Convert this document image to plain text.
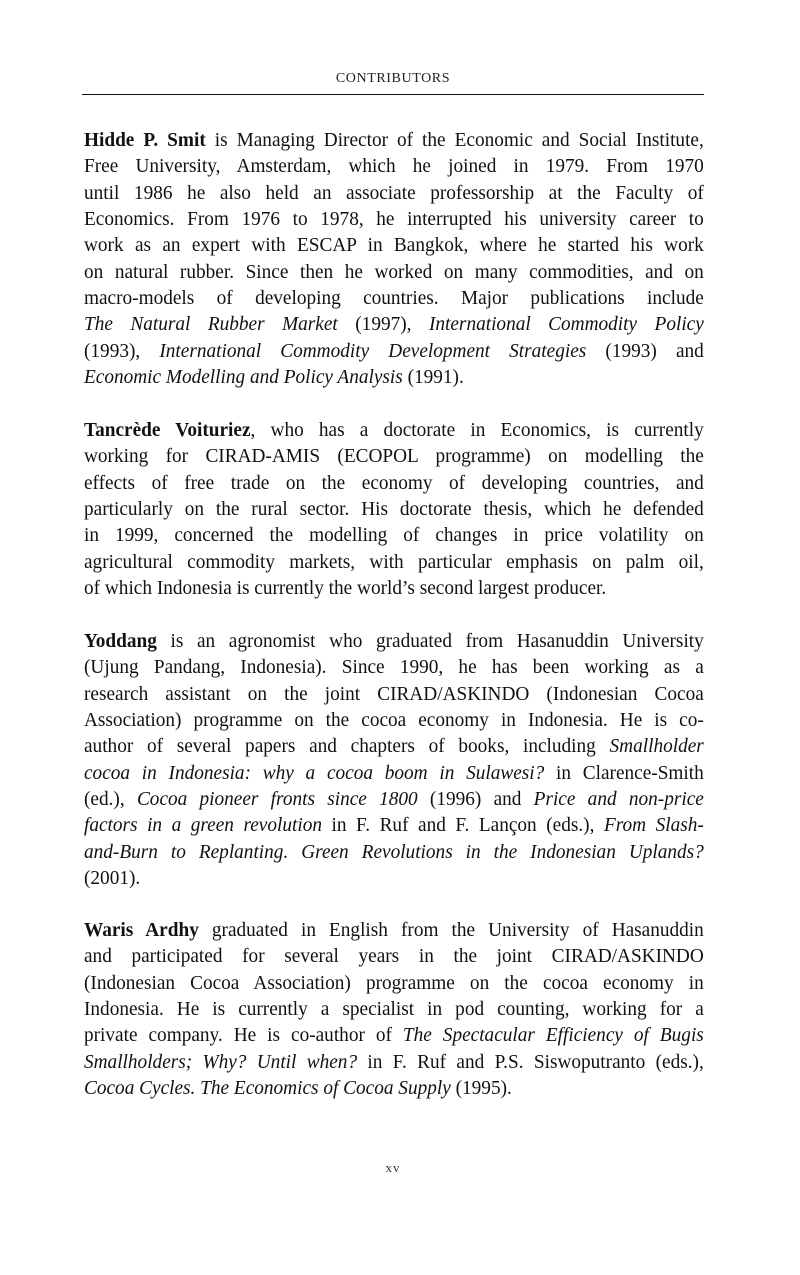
CONTRIBUTORS
Hidde P. Smit is Managing Director of the Economic and Social Institute,
Free University, Amsterdam, which he joined in 1979. From 1970
until 1986 he also held an associate professorship at the Faculty of
Economics. From 1976 to 1978, he interrupted his university career to
work as an expert with ESCAP in Bangkok, where he started his work
on natural rubber. Since then he worked on many commodities, and on
macro-models of developing countries. Major publications include
The Natural Rubber Market (1997), International Commodity Policy
(1993), International Commodity Development Strategies (1993) and
Economic Modelling and Policy Analysis (1991).
Tancrède Voituriez, who has a doctorate in Economics, is currently
working for CIRAD-AMIS (ECOPOL programme) on modelling the
effects of free trade on the economy of developing countries, and
particularly on the rural sector. His doctorate thesis, which he defended
in 1999, concerned the modelling of changes in price volatility on
agricultural commodity markets, with particular emphasis on palm oil,
of which Indonesia is currently the world’s second largest producer.
Yoddang is an agronomist who graduated from Hasanuddin University
(Ujung Pandang, Indonesia). Since 1990, he has been working as a
research assistant on the joint CIRAD/ASKINDO (Indonesian Cocoa
Association) programme on the cocoa economy in Indonesia. He is co-
author of several papers and chapters of books, including Smallholder
cocoa in Indonesia: why a cocoa boom in Sulawesi? in Clarence-Smith
(ed.), Cocoa pioneer fronts since 1800 (1996) and Price and non-price
factors in a green revolution in F. Ruf and F. Lançon (eds.), From Slash-
and-Burn to Replanting. Green Revolutions in the Indonesian Uplands?
(2001).
Waris Ardhy graduated in English from the University of Hasanuddin
and participated for several years in the joint CIRAD/ASKINDO
(Indonesian Cocoa Association) programme on the cocoa economy in
Indonesia. He is currently a specialist in pod counting, working for a
private company. He is co-author of The Spectacular Efficiency of Bugis
Smallholders; Why? Until when? in F. Ruf and P.S. Siswoputranto (eds.),
Cocoa Cycles. The Economics of Cocoa Supply (1995).
xv
